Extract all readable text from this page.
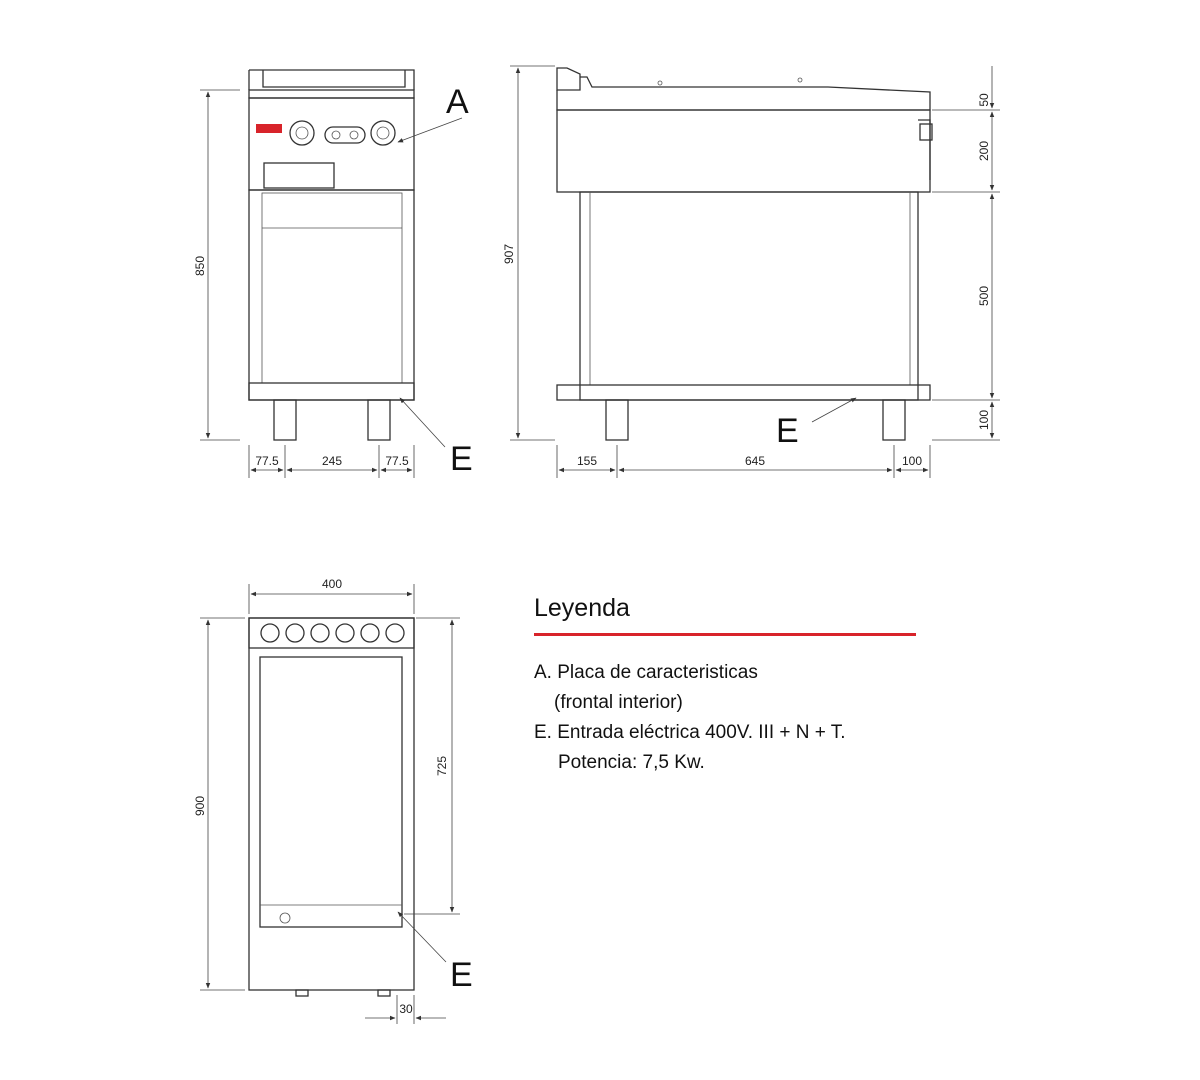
850
77.5	245	77.5
A
E
907
50
200
500
100
155	645	100
E
400
900
725
30
E
Leyenda

A. Placa de caracteristicas

(frontal interior)

E. Entrada eléctrica 400V. III + N + T.

Potencia: 7,5 Kw.
